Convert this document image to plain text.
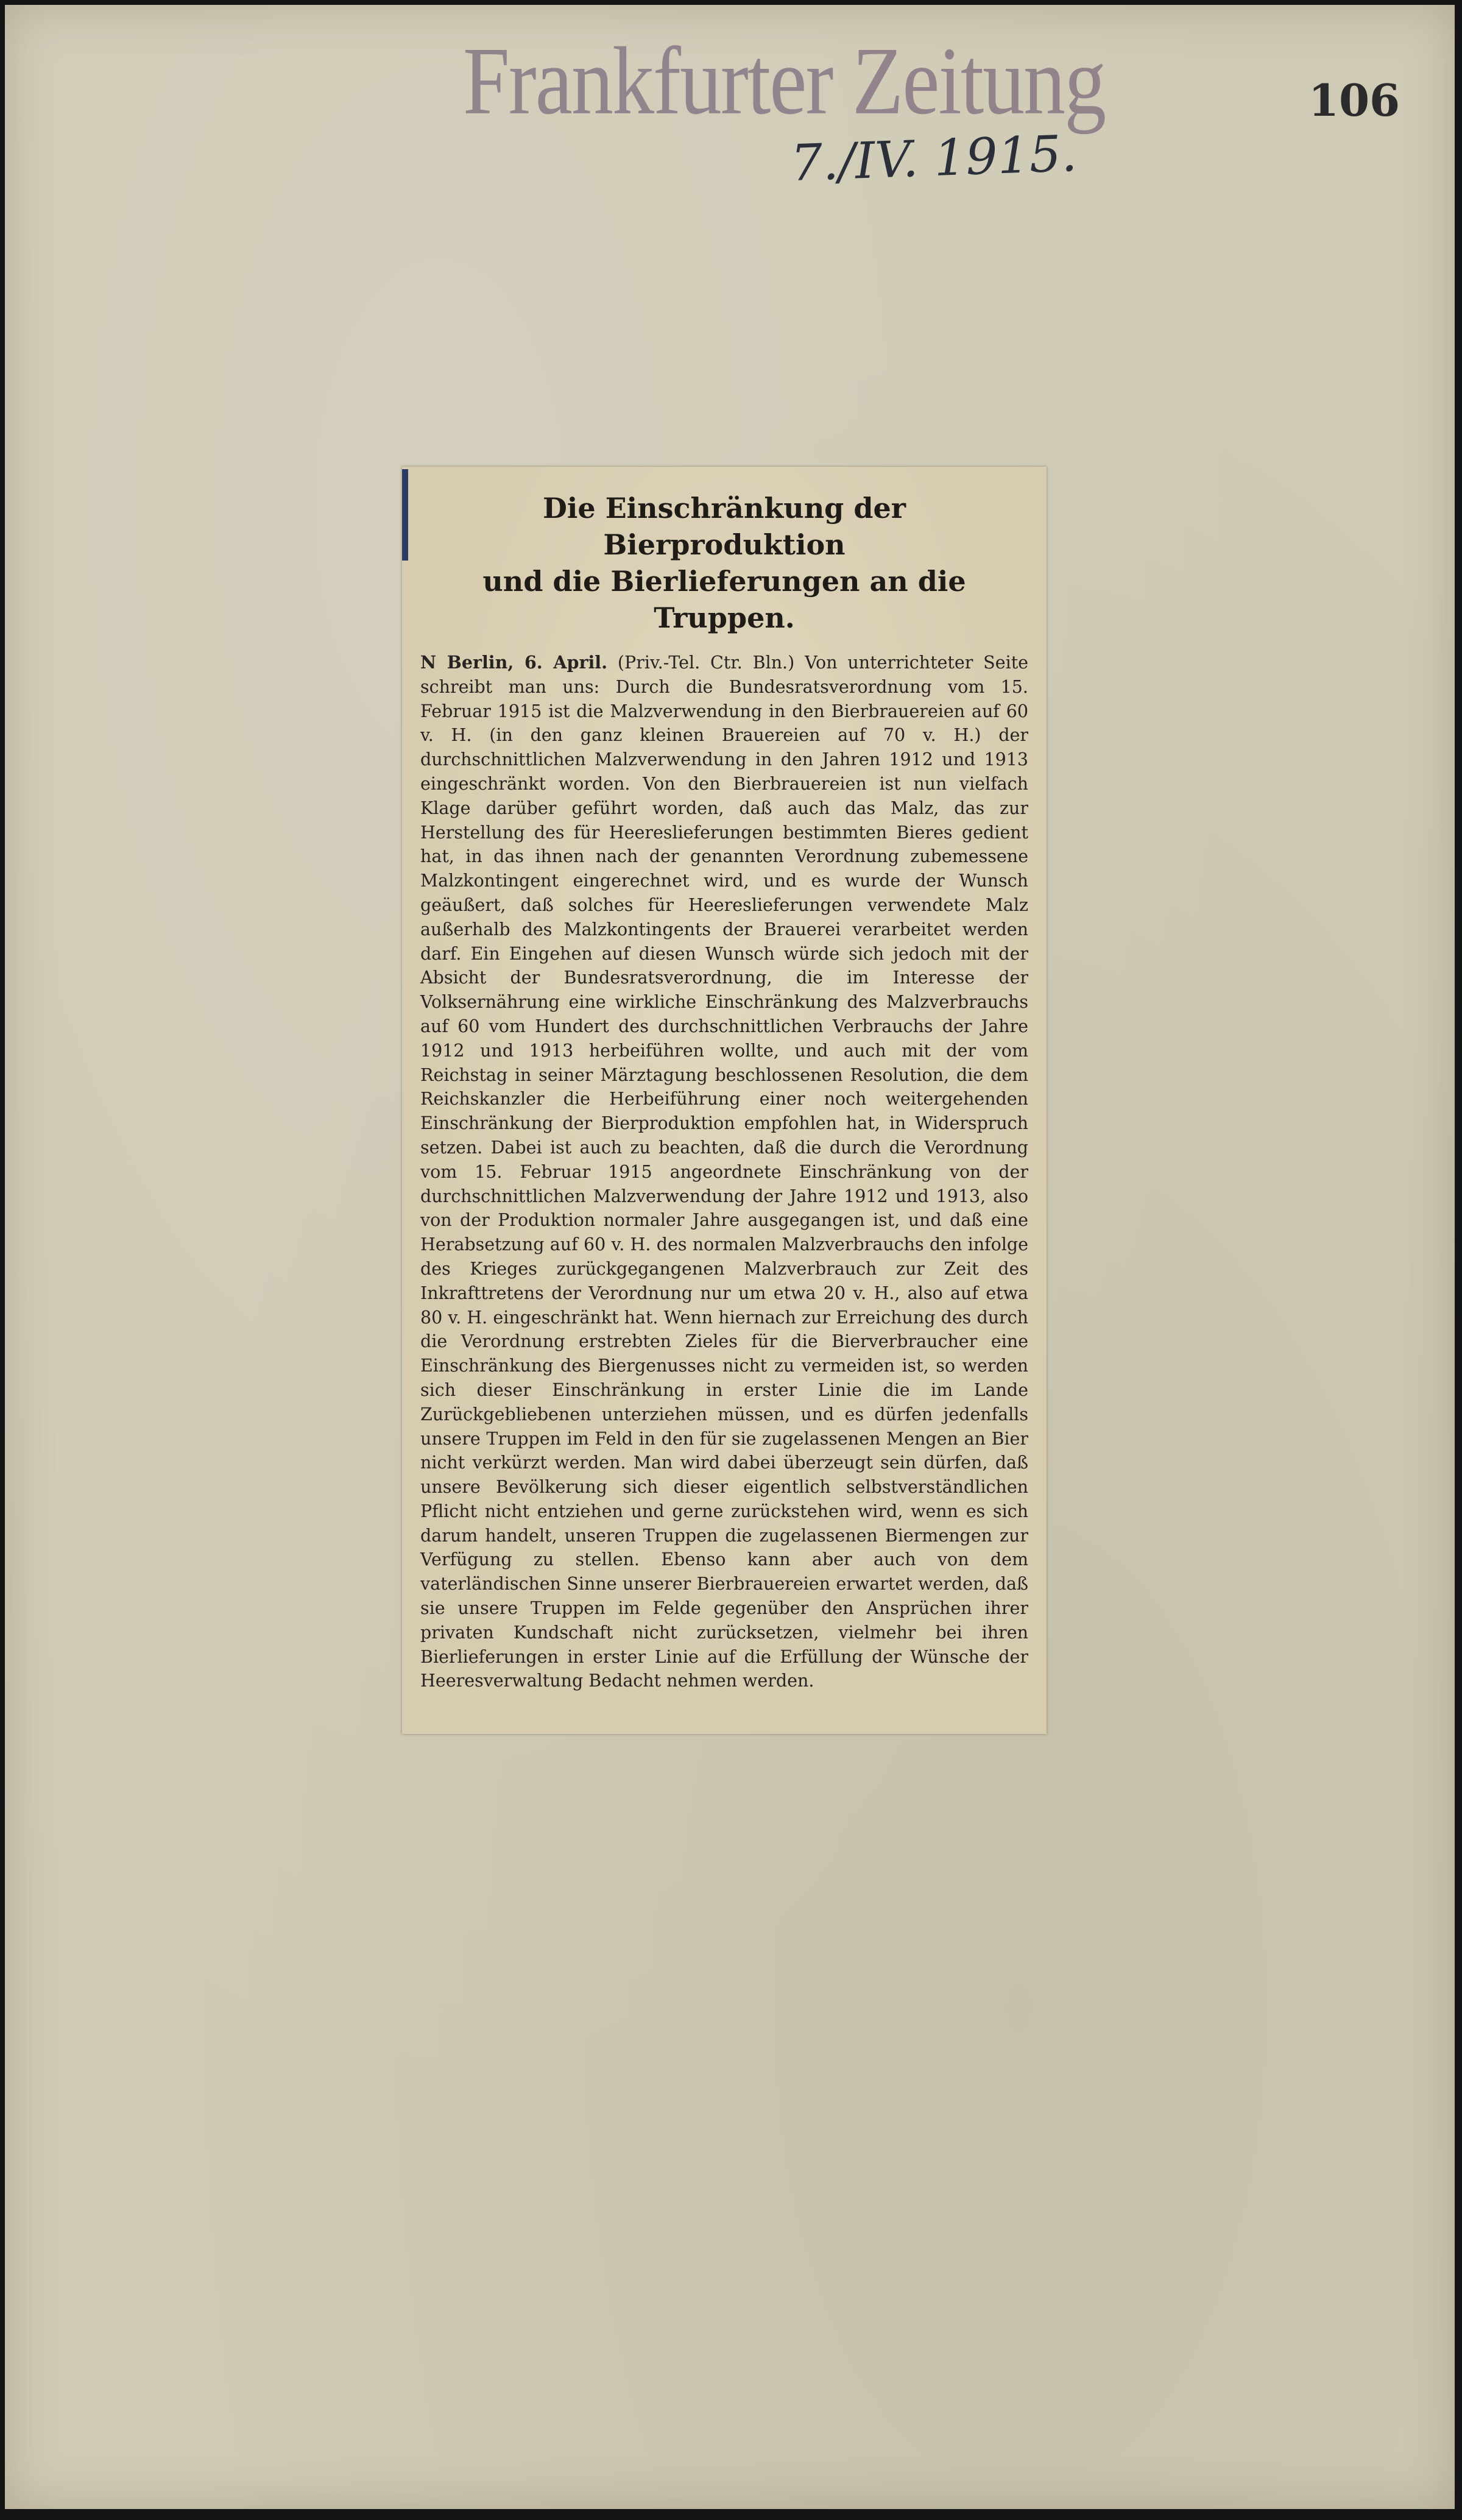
Frankfurter Zeitung
7./IV. 1915.
106
Die Einschränkung der Bierproduktion
und die Bierlieferungen an die Truppen.

N Berlin, 6. April. (Priv.-Tel. Ctr. Bln.) Von unterrichteter Seite schreibt man uns: Durch die Bundesratsverordnung vom 15. Februar 1915 ist die Malzverwendung in den Bierbrauereien auf 60 v. H. (in den ganz kleinen Brauereien auf 70 v. H.) der durchschnittlichen Malzverwendung in den Jahren 1912 und 1913 eingeschränkt worden. Von den Bierbrauereien ist nun vielfach Klage darüber geführt worden, daß auch das Malz, das zur Herstellung des für Heereslieferungen bestimmten Bieres gedient hat, in das ihnen nach der genannten Verordnung zubemessene Malzkontingent eingerechnet wird, und es wurde der Wunsch geäußert, daß solches für Heereslieferungen verwendete Malz außerhalb des Malzkontingents der Brauerei verarbeitet werden darf. Ein Eingehen auf diesen Wunsch würde sich jedoch mit der Absicht der Bundesratsverordnung, die im Interesse der Volksernährung eine wirkliche Einschränkung des Malzverbrauchs auf 60 vom Hundert des durchschnittlichen Verbrauchs der Jahre 1912 und 1913 herbeiführen wollte, und auch mit der vom Reichstag in seiner Märztagung beschlossenen Resolution, die dem Reichskanzler die Herbeiführung einer noch weitergehenden Einschränkung der Bierproduktion empfohlen hat, in Widerspruch setzen. Dabei ist auch zu beachten, daß die durch die Verordnung vom 15. Februar 1915 angeordnete Einschränkung von der durchschnittlichen Malzverwendung der Jahre 1912 und 1913, also von der Produktion normaler Jahre ausgegangen ist, und daß eine Herabsetzung auf 60 v. H. des normalen Malzverbrauchs den infolge des Krieges zurückgegangenen Malzverbrauch zur Zeit des Inkrafttretens der Verordnung nur um etwa 20 v. H., also auf etwa 80 v. H. eingeschränkt hat. Wenn hiernach zur Erreichung des durch die Verordnung erstrebten Zieles für die Bierverbraucher eine Einschränkung des Biergenusses nicht zu vermeiden ist, so werden sich dieser Einschränkung in erster Linie die im Lande Zurückgebliebenen unterziehen müssen, und es dürfen jedenfalls unsere Truppen im Feld in den für sie zugelassenen Mengen an Bier nicht verkürzt werden. Man wird dabei überzeugt sein dürfen, daß unsere Bevölkerung sich dieser eigentlich selbstverständlichen Pflicht nicht entziehen und gerne zurückstehen wird, wenn es sich darum handelt, unseren Truppen die zugelassenen Biermengen zur Verfügung zu stellen. Ebenso kann aber auch von dem vaterländischen Sinne unserer Bierbrauereien erwartet werden, daß sie unsere Truppen im Felde gegenüber den Ansprüchen ihrer privaten Kundschaft nicht zurücksetzen, vielmehr bei ihren Bierlieferungen in erster Linie auf die Erfüllung der Wünsche der Heeresverwaltung Bedacht nehmen werden.
